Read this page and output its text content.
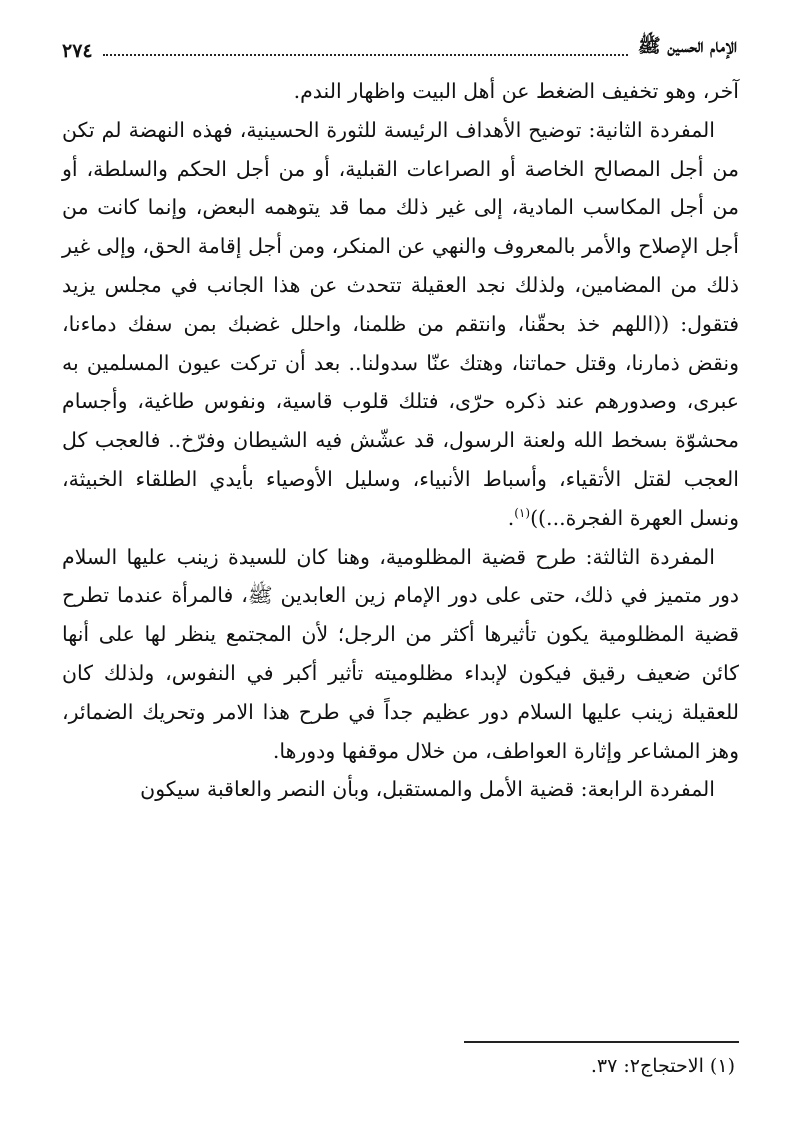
الإمام الحسين ﷺ
٢٧٤

آخر، وهو تخفيف الضغط عن أهل البيت واظهار الندم.

المفردة الثانية: توضيح الأهداف الرئيسة للثورة الحسينية، فهذه النهضة لم تكن من أجل المصالح الخاصة أو الصراعات القبلية، أو من أجل الحكم والسلطة، أو من أجل المكاسب المادية، إلى غير ذلك مما قد يتوهمه البعض، وإنما كانت من أجل الإصلاح والأمر بالمعروف والنهي عن المنكر، ومن أجل إقامة الحق، وإلى غير ذلك من المضامين، ولذلك نجد العقيلة تتحدث عن هذا الجانب في مجلس يزيد فتقول: ((اللهم خذ بحقّنا، وانتقم من ظلمنا، واحلل غضبك بمن سفك دماءنا، ونقض ذمارنا، وقتل حماتنا، وهتك عنّا سدولنا.. بعد أن تركت عيون المسلمين به عبرى، وصدورهم عند ذكره حرّى، فتلك قلوب قاسية، ونفوس طاغية، وأجسام محشوّة بسخط الله ولعنة الرسول، قد عشّش فيه الشيطان وفرّخ.. فالعجب كل العجب لقتل الأتقياء، وأسباط الأنبياء، وسليل الأوصياء بأيدي الطلقاء الخبيثة، ونسل العهرة الفجرة...))$^{(١)}$.

المفردة الثالثة: طرح قضية المظلومية، وهنا كان للسيدة زينب عليها السلام دور متميز في ذلك، حتى على دور الإمام زين العابدين ﷺ، فالمرأة عندما تطرح قضية المظلومية يكون تأثيرها أكثر من الرجل؛ لأن المجتمع ينظر لها على أنها كائن ضعيف رقيق فيكون لإبداء مظلوميته تأثير أكبر في النفوس، ولذلك كان للعقيلة زينب عليها السلام دور عظيم جداً في طرح هذا الامر وتحريك الضمائر، وهز المشاعر وإثارة العواطف، من خلال موقفها ودورها.

المفردة الرابعة: قضية الأمل والمستقبل، وبأن النصر والعاقبة سيكون

(١) الاحتجاج٢: ٣٧.
